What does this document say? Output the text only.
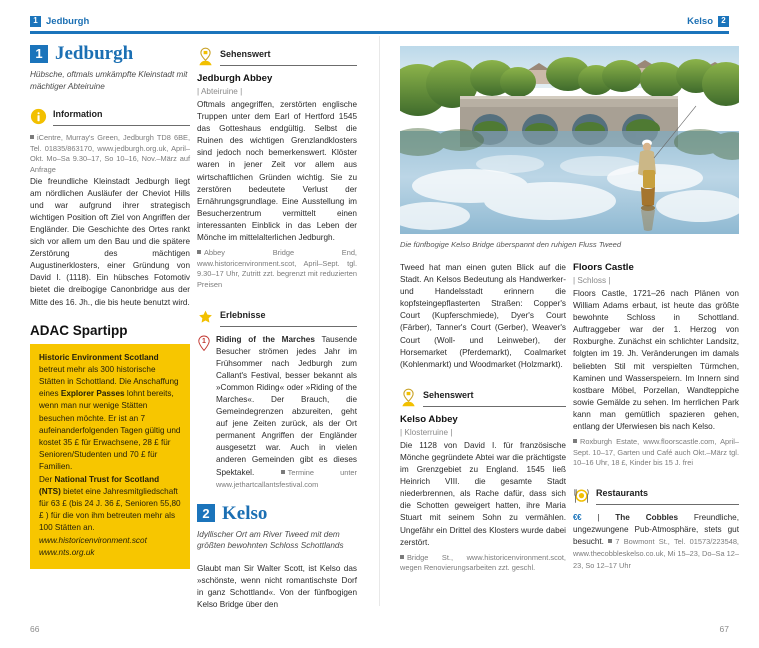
1 Jedburgh	Kelso	2
1 Jedburgh
Hübsche, oftmals umkämpfte Kleinstadt mit mächtiger Abteiruine
Information
iCentre, Murray's Green, Jedburgh TD8 6BE, Tel. 01835/863170, www.jedburgh.org.uk, April–Okt. Mo–Sa 9.30–17, So 10–16, Nov.–März auf Anfrage

Die freundliche Kleinstadt Jedburgh liegt am nördlichen Ausläufer der Cheviot Hills und war aufgrund ihrer strategisch wichtigen Position oft Ziel von Angriffen der Engländer. Die Geschichte des Ortes rankt sich vor allem um den Bau und die spätere Zerstörung des mächtigen Augustinerklosters, einer Gründung von David I. (1118). Ein hübsches Fotomotiv bietet die dreibogige Canonbridge aus der Mitte des 16. Jh., die bis heute benutzt wird.

ADAC Spartipp
Historic Environment Scotland betreut mehr als 300 historische Stätten in Schottland. Die Anschaffung eines Explorer Passes lohnt bereits, wenn man nur wenige Stätten besuchen möchte. Er ist an 7 aufeinanderfolgenden Tagen gültig und kostet 35 £ für Erwachsene, 28 £ für Senioren/Studenten und 70 £ für Familien.
Der National Trust for Scotland (NTS) bietet eine Jahresmitgliedschaft für 63 £ (bis 24 J. 36 £, Senioren 55,80 £ ) für die von ihm betreuten mehr als 100 Stätten an.
www.historicenvironment.scot
www.nts.org.uk
Sehenswert
Jedburgh Abbey
| Abteiruine |

Oftmals angegriffen, zerstörten englische Truppen unter dem Earl of Hertford 1545 das Gotteshaus endgültig. Selbst die Ruinen des wichtigen Grenzlandklosters sind jedoch noch bemerkenswert. Klöster waren in jener Zeit vor allem aus wirtschaftlichen Gründen wichtig. Sie zu zerstören bedeutete Verlust der Ernährungsgrundlage. Eine Ausstellung im Besucherzentrum vermittelt einen interessanten Einblick in das Leben der Mönche im mittelalterlichen Jedburgh.

Abbey Bridge End, www.historicenvironment.scot, April–Sept. tgl. 9.30–17 Uhr, Zutritt zzt. begrenzt mit reduzierten Preisen
Erlebnisse
1	Riding of the Marches Tausende Besucher strömen jedes Jahr im Frühsommer nach Jedburgh zum Callant's Festival, besser bekannt als »Common Riding« oder »Riding of the Marches«. Der Brauch, die Gemeindegrenzen abzureiten, geht auf jene Zeiten zurück, als der Ort permanent Angriffen der Engländer ausgesetzt war. Auch in vielen anderen Gemeinden gibt es dieses Spektakel.	Termine unter www.jethartcallantsfestival.com
2 Kelso
Idyllischer Ort am River Tweed mit dem größten bewohnten Schloss Schottlands

Glaubt man Sir Walter Scott, ist Kelso das »schönste, wenn nicht romantischste Dorf in ganz Schottland«. Von der fünfbogigen Kelso Bridge über den

Die fünfbogige Kelso Bridge überspannt den ruhigen Fluss Tweed

Tweed hat man einen guten Blick auf die Stadt. An Kelsos Bedeutung als Handwerker- und Handelsstadt erinnern die kopfsteingepflasterten Straßen: Copper's Court (Kupferschmiede), Dyer's Court (Färber), Tanner's Court (Gerber), Weaver's Court (Woll- und Leinweber), der Horsemarket (Pferdemarkt), Coalmarket (Kohlenmarkt) und Woodmarket (Holzmarkt).

Sehenswert
Kelso Abbey
| Klosterruine |

Die 1128 von David I. für französische Mönche gegründete Abtei war die prächtigste im Grenzgebiet zu England. 1545 ließ Heinrich VIII. die gesamte Stadt niederbrennen, als Rache dafür, dass sich die Schotten geweigert hatten, ihre Maria Stuart mit seinem Sohn zu vermählen. Ungefähr ein Drittel des Klosters wurde dabei zerstört.

Bridge St., www.historicenvironment.scot, wegen Renovierungsarbeiten zzt. geschl.
Floors Castle
| Schloss |

Floors Castle, 1721–26 nach Plänen von William Adams erbaut, ist heute das größte bewohnte Schloss in Schottland. Auftraggeber war der 1. Herzog von Roxburghe. Zunächst ein schlichter Landsitz, folgten im 19. Jh. Veränderungen im damals beliebten Stil mit verspielten Türmchen, Kaminen und Wasserspeiern. Im Innern sind kostbare Möbel, Porzellan, Wandteppiche sowie Gemälde zu sehen. Im herrlichen Park kann man gemütlich spazieren gehen, entlang der Uferwiesen bis nach Kelso.

Roxburgh Estate, www.floorscastle.com, April–Sept. 10–17, Garten und Café auch Okt.–März tgl. 10–16 Uhr, 18 £, Kinder bis 15 J. frei
Restaurants

€€ | The Cobbles Freundliche, ungezwungene Pub-Atmosphäre, stets gut besucht. 7 Bowmont St., Tel. 01573/223548, www.thecobbleskelso.co.uk, Mi 15–23, Do–Sa 12–23, So 12–17 Uhr

66	67
